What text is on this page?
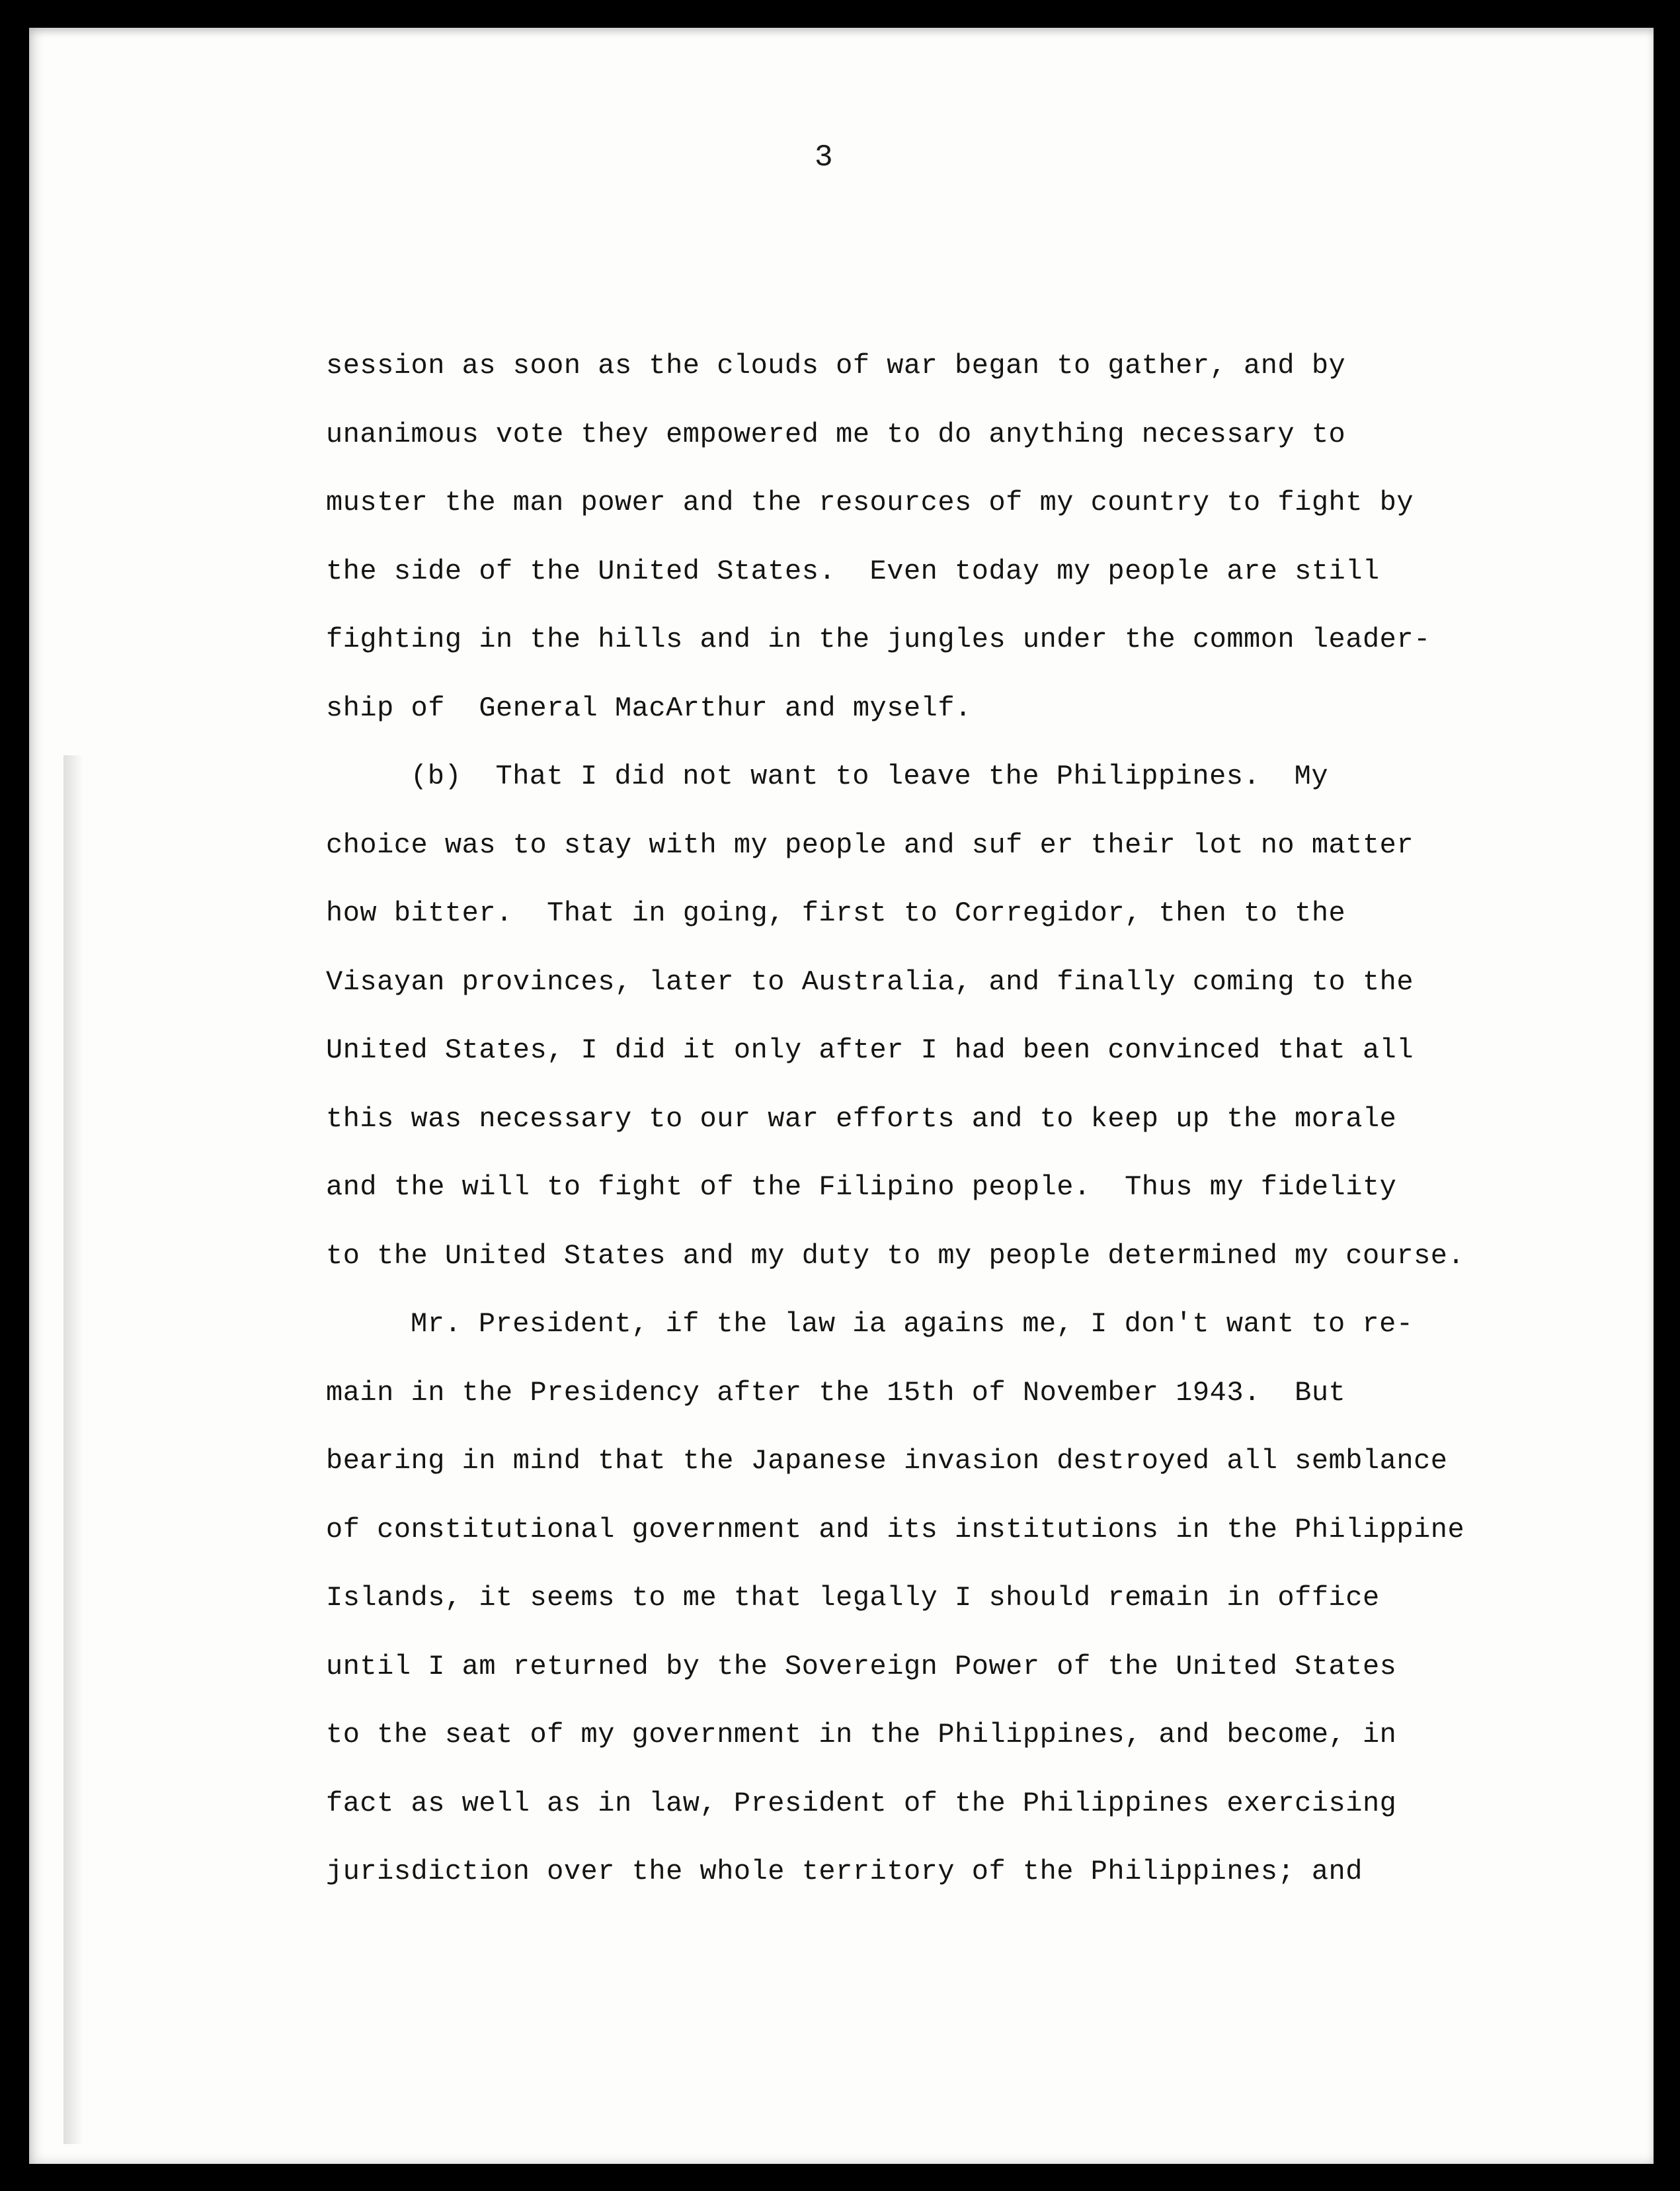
3
session as soon as the clouds of war began to gather, and by
unanimous vote they empowered me to do anything necessary to
muster the man power and the resources of my country to fight by
the side of the United States.  Even today my people are still
fighting in the hills and in the jungles under the common leader-
ship of  General MacArthur and myself.
(b)  That I did not want to leave the Philippines.  My
choice was to stay with my people and suf er their lot no matter
how bitter.  That in going, first to Corregidor, then to the
Visayan provinces, later to Australia, and finally coming to the
United States, I did it only after I had been convinced that all
this was necessary to our war efforts and to keep up the morale
and the will to fight of the Filipino people.  Thus my fidelity
to the United States and my duty to my people determined my course.
Mr. President, if the law ia agains me, I don't want to re-
main in the Presidency after the 15th of November 1943.  But
bearing in mind that the Japanese invasion destroyed all semblance
of constitutional government and its institutions in the Philippine
Islands, it seems to me that legally I should remain in office
until I am returned by the Sovereign Power of the United States
to the seat of my government in the Philippines, and become, in
fact as well as in law, President of the Philippines exercising
jurisdiction over the whole territory of the Philippines; and
